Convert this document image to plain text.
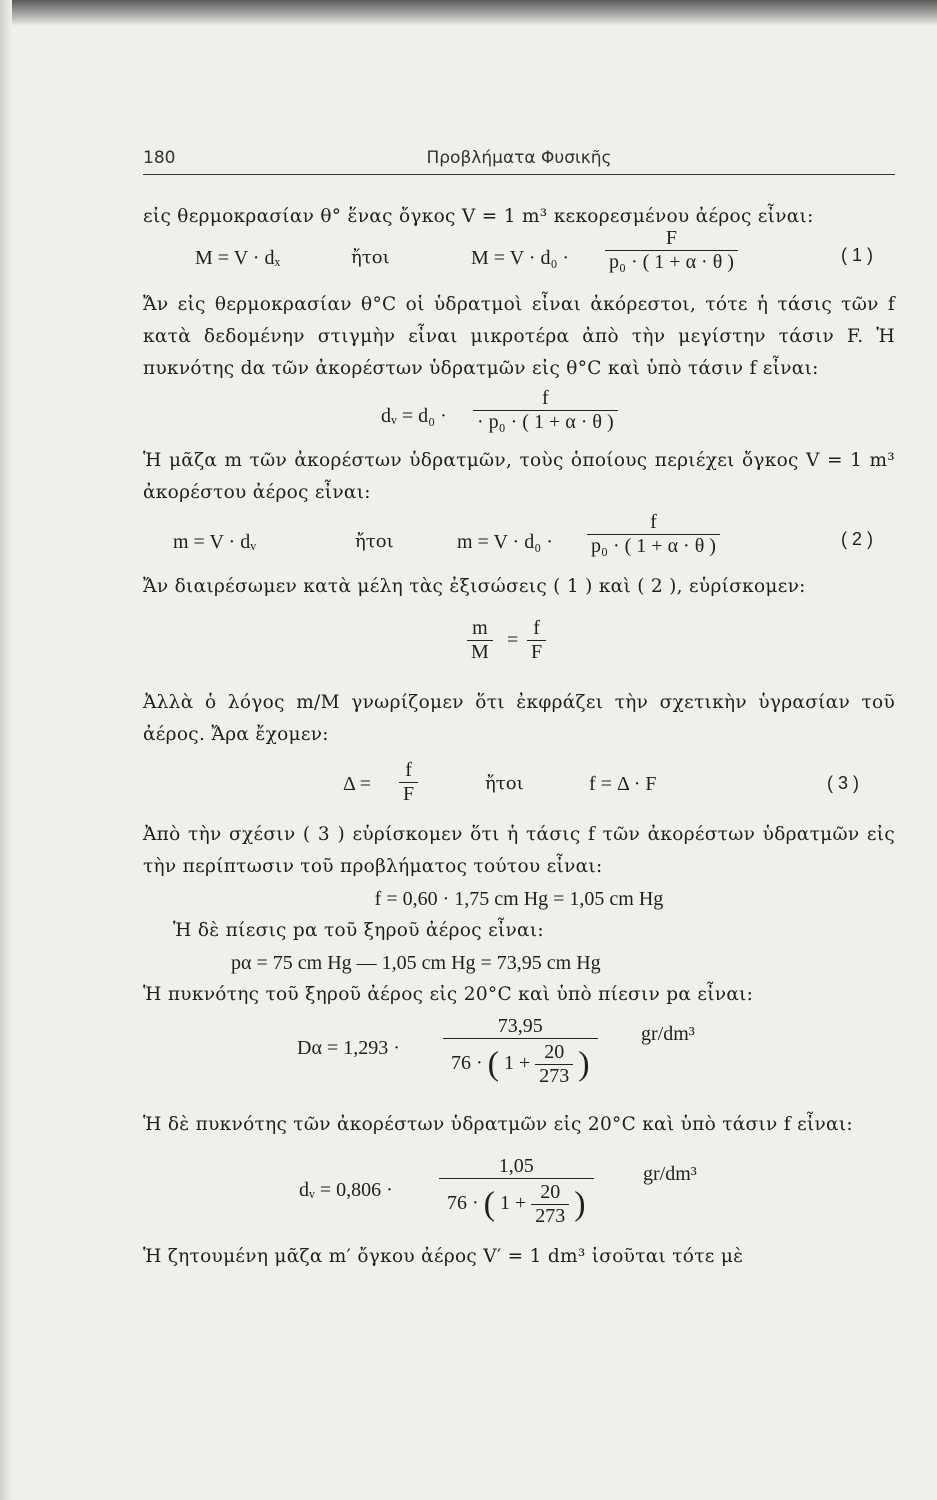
180	Προβλήματα Φυσικῆς

εἰς θερμοκρασίαν θ° ἕνας ὄγκος V = 1 m³ κεκορεσμένου ἀέρος εἶναι:

M = V · dₓ	ἤτοι	$M = V \cdot d_0 \cdot \frac{F}{\text{p₀ · ( 1 + α · θ )}}$	( 1 )

Ἄν εἰς θερμοκρασίαν θ°C οἱ ὑδρατμοὶ εἶναι ἀκόρεστοι, τότε ἡ τάσις τῶν f κατὰ δεδομένην στιγμὴν εἶναι μικροτέρα ἀπὸ τὴν μεγίστην τάσιν F. Ἡ πυκνότης dα τῶν ἀκορέστων ὑδρατμῶν εἰς θ°C καὶ ὑπὸ τάσιν f εἶναι:

dᵥ = $d_0 \cdot \frac{f}{\text{· p₀ · ( 1 + α · θ )}}$

Ἡ μᾶζα m τῶν ἀκορέστων ὑδρατμῶν, τοὺς ὁποίους περιέχει ὄγκος V = 1 m³ ἀκορέστου ἀέρος εἶναι:

m = V · dᵥ	ἤτοι	$m = V \cdot d_0 \cdot \frac{f}{\text{p₀ · ( 1 + α · θ )}}$	( 2 )

Ἄν διαιρέσωμεν κατὰ μέλη τὰς ἐξισώσεις ( 1 ) καὶ ( 2 ), εὑρίσκομεν:

$\frac{m}{M} = \frac{f}{F}$

Ἀλλὰ ὁ λόγος m/M γνωρίζομεν ὅτι ἐκφράζει τὴν σχετικὴν ὑγρασίαν τοῦ ἀέρος. Ἄρα ἔχομεν:

$\Delta = \frac{f}{F}$	ἤτοι	f = Δ · F	( 3 )

Ἀπὸ τὴν σχέσιν ( 3 ) εὑρίσκομεν ὅτι ἡ τάσις f τῶν ἀκορέστων ὑδρατμῶν εἰς τὴν περίπτωσιν τοῦ προβλήματος τούτου εἶναι:

f = 0,60 · 1,75 cm Hg = 1,05 cm Hg

Ἡ δὲ πίεσις pα τοῦ ξηροῦ ἀέρος εἶναι:

pα = 75 cm Hg — 1,05 cm Hg = 73,95 cm Hg

Ἡ πυκνότης τοῦ ξηροῦ ἀέρος εἰς 20°C καὶ ὑπὸ πίεσιν pα εἶναι:

Dα = 1,293 ·
73,95
76 · ( $1 + \frac{20}{273}$ )
gr/dm³

Ἡ δὲ πυκνότης τῶν ἀκορέστων ὑδρατμῶν εἰς 20°C καὶ ὑπὸ τάσιν f εἶναι:

dᵥ = 0,806 ·
1,05
76 · ( $1 + \frac{20}{273}$ )
gr/dm³

Ἡ ζητουμένη μᾶζα m′ ὄγκου ἀέρος V′ = 1 dm³ ἰσοῦται τότε μὲ
